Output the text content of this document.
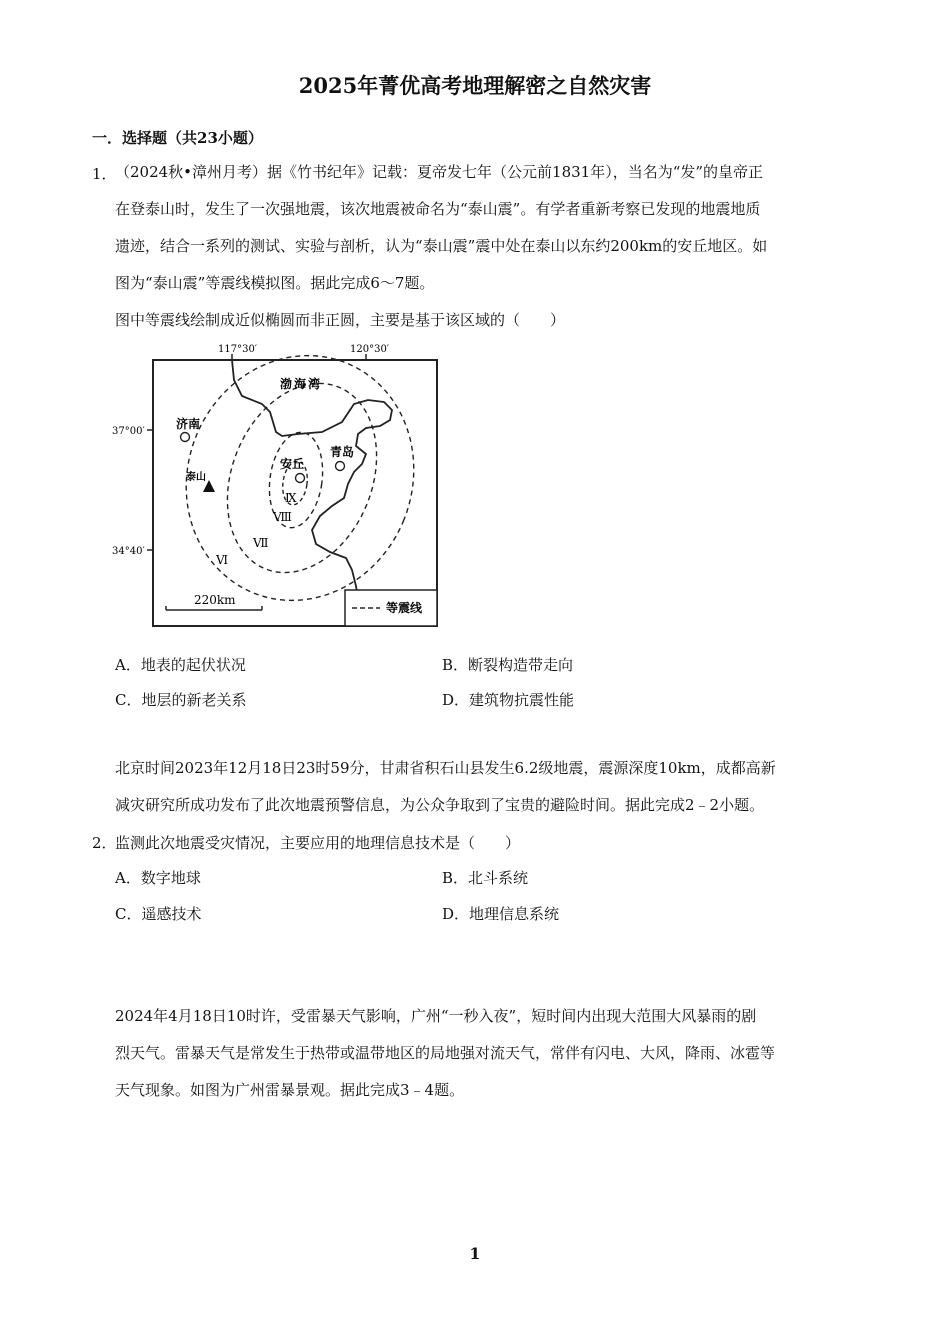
2025年菁优高考地理解密之自然灾害
一．选择题（共23小题）
1．
（2024秋•漳州月考）据《竹书纪年》记载：夏帝发七年（公元前1831年），当名为“发”的皇帝正
在登泰山时，发生了一次强地震，该次地震被命名为“泰山震”。有学者重新考察已发现的地震地质
遗迹，结合一系列的测试、实验与剖析，认为“泰山震”震中处在泰山以东约200km的安丘地区。如
图为“泰山震”等震线模拟图。据此完成6～7题。
图中等震线绘制成近似椭圆而非正圆，主要是基于该区域的（　　）
117°30′	120°30′
37°00′
34°40′
渤海湾
济南
青岛
安丘
泰山
Ⅸ
Ⅷ
Ⅶ
Ⅵ
220km
等震线
A．地表的起伏状况	B．断裂构造带走向
C．地层的新老关系	D．建筑物抗震性能
北京时间2023年12月18日23时59分，甘肃省积石山县发生6.2级地震，震源深度10km，成都高新
减灾研究所成功发布了此次地震预警信息，为公众争取到了宝贵的避险时间。据此完成2﹣2小题。
2．
监测此次地震受灾情况，主要应用的地理信息技术是（　　）
A．数字地球	B．北斗系统
C．遥感技术	D．地理信息系统
2024年4月18日10时许，受雷暴天气影响，广州“一秒入夜”，短时间内出现大范围大风暴雨的剧
烈天气。雷暴天气是常发生于热带或温带地区的局地强对流天气，常伴有闪电、大风，降雨、冰雹等
天气现象。如图为广州雷暴景观。据此完成3﹣4题。
1
